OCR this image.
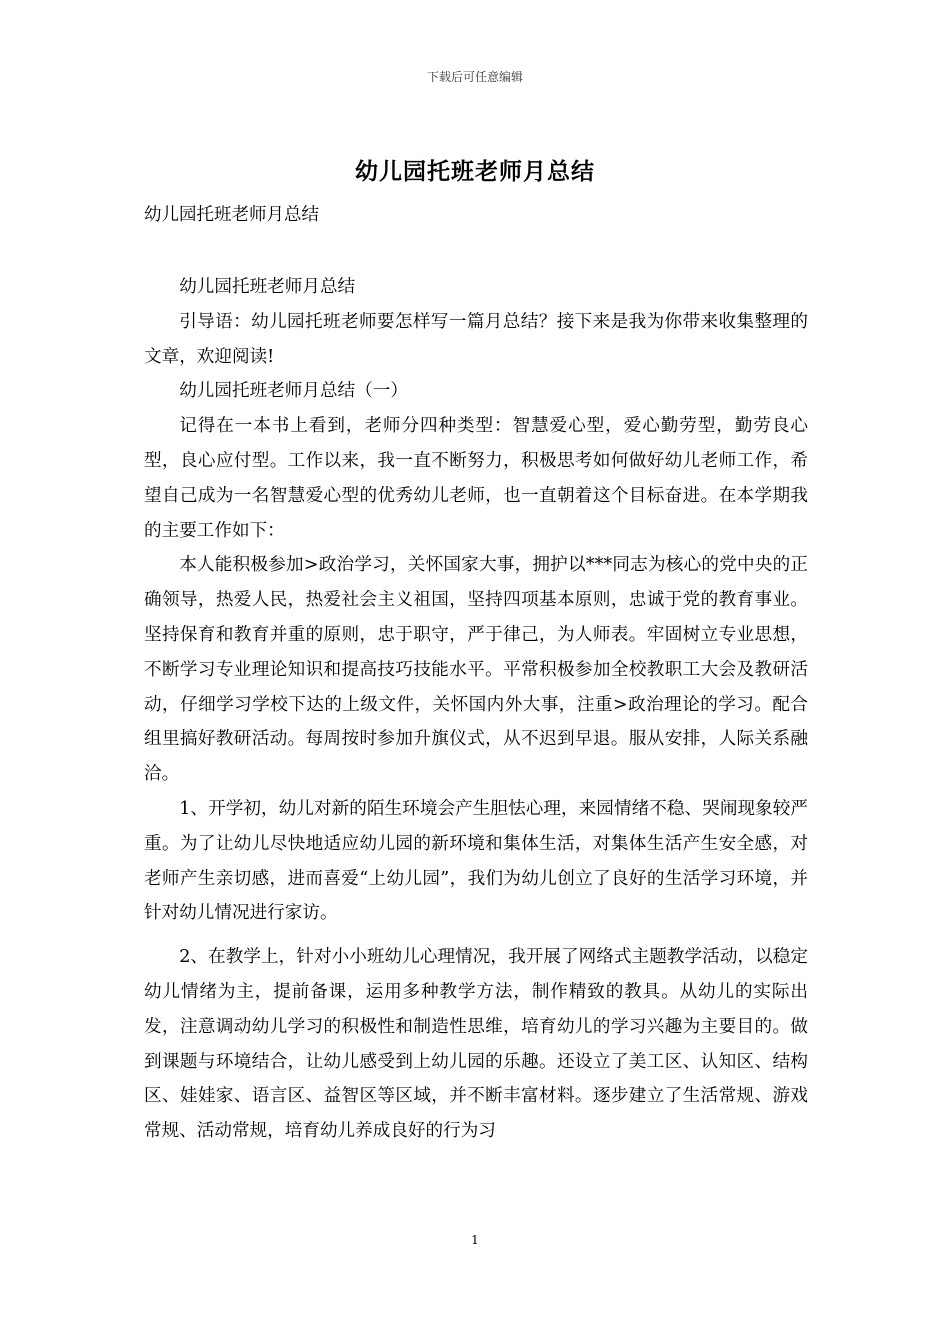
下载后可任意编辑
幼儿园托班老师月总结
幼儿园托班老师月总结

幼儿园托班老师月总结

引导语：幼儿园托班老师要怎样写一篇月总结？接下来是我为你带来收集整理的文章，欢迎阅读!

幼儿园托班老师月总结（一）

记得在一本书上看到，老师分四种类型：智慧爱心型，爱心勤劳型，勤劳良心型，良心应付型。工作以来，我一直不断努力，积极思考如何做好幼儿老师工作，希望自己成为一名智慧爱心型的优秀幼儿老师，也一直朝着这个目标奋进。在本学期我的主要工作如下：

本人能积极参加>政治学习，关怀国家大事，拥护以***同志为核心的党中央的正确领导，热爱人民，热爱社会主义祖国，坚持四项基本原则，忠诚于党的教育事业。坚持保育和教育并重的原则，忠于职守，严于律己，为人师表。牢固树立专业思想，不断学习专业理论知识和提高技巧技能水平。平常积极参加全校教职工大会及教研活动，仔细学习学校下达的上级文件，关怀国内外大事，注重>政治理论的学习。配合组里搞好教研活动。每周按时参加升旗仪式，从不迟到早退。服从安排，人际关系融洽。

1、开学初，幼儿对新的陌生环境会产生胆怯心理，来园情绪不稳、哭闹现象较严重。为了让幼儿尽快地适应幼儿园的新环境和集体生活，对集体生活产生安全感，对老师产生亲切感，进而喜爱“上幼儿园”，我们为幼儿创立了良好的生活学习环境，并针对幼儿情况进行家访。

2、在教学上，针对小小班幼儿心理情况，我开展了网络式主题教学活动，以稳定幼儿情绪为主，提前备课，运用多种教学方法，制作精致的教具。从幼儿的实际出发，注意调动幼儿学习的积极性和制造性思维，培育幼儿的学习兴趣为主要目的。做到课题与环境结合，让幼儿感受到上幼儿园的乐趣。还设立了美工区、认知区、结构区、娃娃家、语言区、益智区等区域，并不断丰富材料。逐步建立了生活常规、游戏常规、活动常规，培育幼儿养成良好的行为习

1
